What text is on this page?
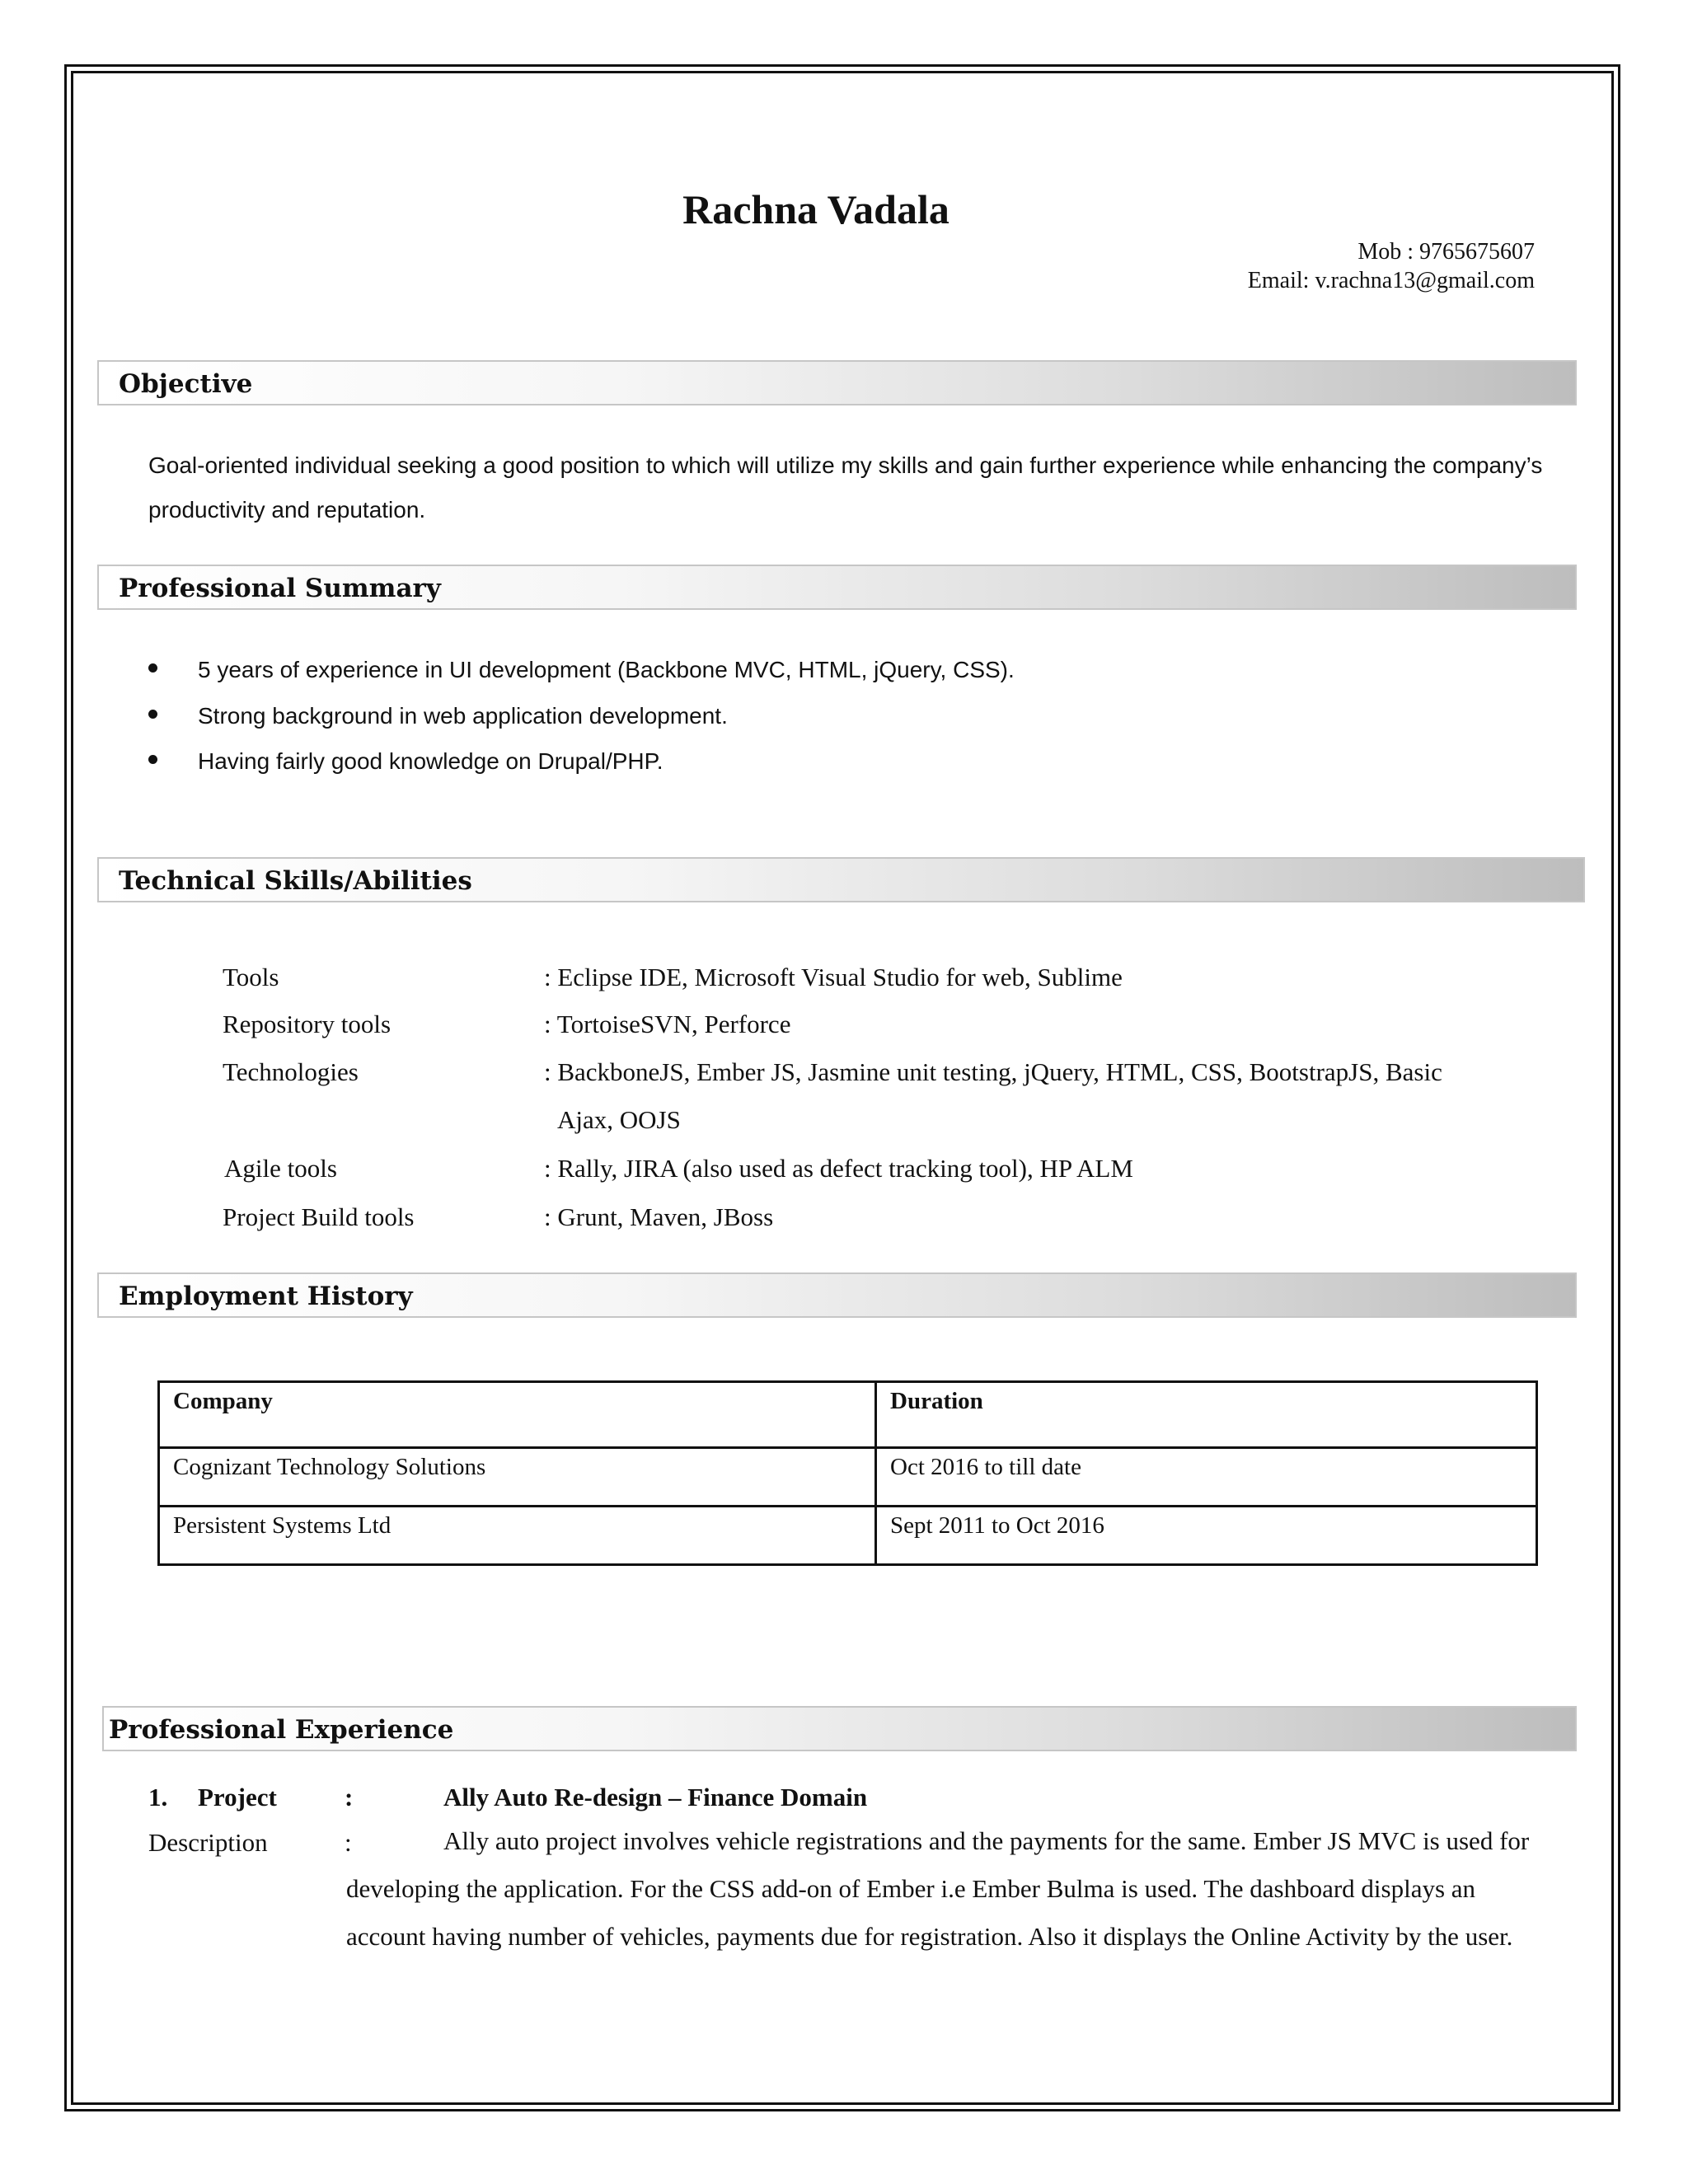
Rachna Vadala
Mob : 9765675607
Email: v.rachna13@gmail.com
Objective
Goal-oriented individual seeking a good position to which will utilize my skills and gain further experience while enhancing the company’s productivity and reputation.
Professional Summary
5 years of experience in UI development (Backbone MVC, HTML, jQuery, CSS).
Strong background in web application development.
Having fairly good knowledge on Drupal/PHP.
Technical Skills/Abilities
Tools	: Eclipse IDE, Microsoft Visual Studio for web, Sublime
Repository tools	: TortoiseSVN, Perforce
Technologies	: BackboneJS, Ember JS, Jasmine unit testing, jQuery, HTML, CSS, BootstrapJS, Basic
Ajax, OOJS
Agile tools	: Rally, JIRA (also used as defect tracking tool), HP ALM
Project Build tools	: Grunt, Maven, JBoss
Employment History
Company	Duration
Cognizant Technology Solutions	Oct 2016 to till date
Persistent Systems Ltd	Sept 2011 to Oct 2016
Professional Experience
1. Project	:	Ally Auto Re-design – Finance Domain
Description	:	Ally auto project involves vehicle registrations and the payments for the same. Ember JS MVC is used for developing the application. For the CSS add-on of Ember i.e Ember Bulma is used. The dashboard displays an account having number of vehicles, payments due for registration. Also it displays the Online Activity by the user.
